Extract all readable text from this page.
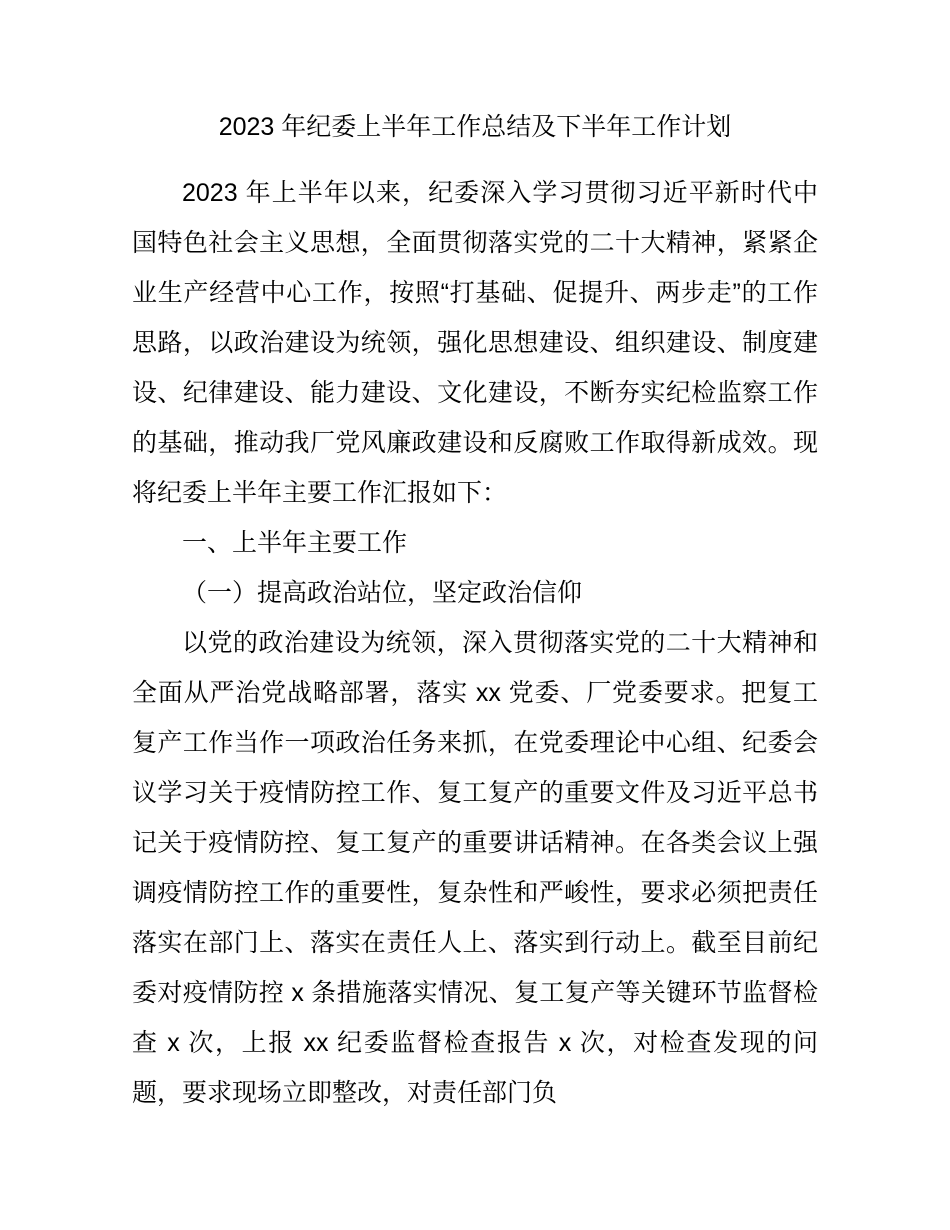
2023 年纪委上半年工作总结及下半年工作计划

2023 年上半年以来，纪委深入学习贯彻习近平新时代中国特色社会主义思想，全面贯彻落实党的二十大精神，紧紧企业生产经营中心工作，按照“打基础、促提升、两步走”的工作思路，以政治建设为统领，强化思想建设、组织建设、制度建设、纪律建设、能力建设、文化建设，不断夯实纪检监察工作的基础，推动我厂党风廉政建设和反腐败工作取得新成效。现将纪委上半年主要工作汇报如下：

一、上半年主要工作

（一）提高政治站位，坚定政治信仰

以党的政治建设为统领，深入贯彻落实党的二十大精神和全面从严治党战略部署，落实 xx 党委、厂党委要求。把复工复产工作当作一项政治任务来抓，在党委理论中心组、纪委会议学习关于疫情防控工作、复工复产的重要文件及习近平总书记关于疫情防控、复工复产的重要讲话精神。在各类会议上强调疫情防控工作的重要性，复杂性和严峻性，要求必须把责任落实在部门上、落实在责任人上、落实到行动上。截至目前纪委对疫情防控 x 条措施落实情况、复工复产等关键环节监督检查 x 次，上报 xx 纪委监督检查报告 x 次，对检查发现的问题，要求现场立即整改，对责任部门负
